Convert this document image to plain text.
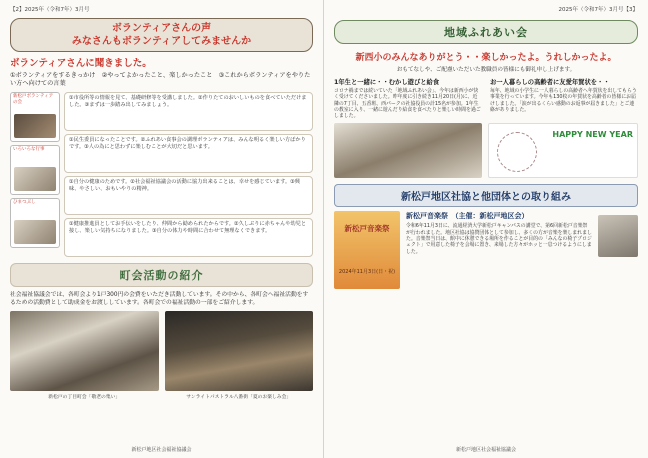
【2】2025年（令和7年）3月号
ボランティアさんの声
みなさんもボランティアしてみませんか
ボランティアさんに聞きました。
①ボランティアをするきっかけ　②やってよかったこと、楽しかったこと　③これからボランティアをやりたい方へ向けての言葉
新松戸ボランティアの会
いろいろな行事
ひまつぶし

①市役所等の情報を見て、基礎研修等を受講しました。②作りたてのおいしいものを食べていただけました。③まずは一歩踏み出してみましょう。

①民生委員になったことです。②ふれあい食事会の調理ボランティアは、みんな明るく楽しい方ばかりです。③人の為にと思わずに楽しむことが大切だと思います。

①自分の健康のためです。②社会福祉協議会の活動に協力出来ることは、幸せを感じています。③興味、やさしい、おもいやりの精神。

①健康推進員としてお手伝いをしたり、仲間から勧められたからです。②久しぶりに赤ちゃんや幼児と接し、楽しい気持ちになりました。③自分の体力や時間に合わせて無理なくできます。

町会活動の紹介
社会福祉協議会では、各町会より1戸300円の会費をいただき活動しています。その中から、各町会へ福祉活動をするための活動費として助成金をお渡ししています。各町会での福祉活動の一部をご紹介します。
新松戸の丁目町会「敬老の集い」	サンライトパストラル八番街「夏のお楽しみ会」
新松戸地区社会福祉協議会
2025年（令和7年）3月号【3】
地域ふれあい会
新西小のみんなありがとう・・楽しかったよ。うれしかったよ。
おもてなしや、ご配慮いただいた教職員の皆様にも御礼申し上げます。
1年生と一緒に・・むかし遊びと給食

コロナ禍までは続いていた「地域ふれあい会」、今年は新西小が快く受けてくださいました。昨年度に引き続き11月20日(月)に、近隣の7丁目、五香班、西パークの社協役員の計15名が参加。1年生の教室に入り、一緒に遊んだり給食を食べたりと楽しい時間を過ごしました。

お一人暮らしの高齢者に友愛年賀状を・・

毎年、地域の小学生に一人暮らしの高齢者へ年賀状を出してもらう事業を行っています。今年も130枚の年賀状を高齢者の皆様にお届けしました。「涙が出るくらい感動のお返事が届きました」とご連絡がありました。

HAPPY NEW YEAR
新松戸地区社協と他団体との取り組み
新松戸音楽祭
2024年11月3日(日・祝)
新松戸音楽祭　（主催：新松戸地区会）

令和6年11月3日に、流通経済大学新松戸キャンパスの講堂で、第6回新松戸音楽祭が行われました。地区社協は協賛団体として参加し、多くの方が音楽を楽しまれました。音楽祭当日は、館中に休憩できる場所を作ることが目的の「みんなの椅子プロジェクト」で用意した椅子を会場に置き、来場した方々がホッと一息つけるようにしました。

新松戸地区社会福祉協議会
